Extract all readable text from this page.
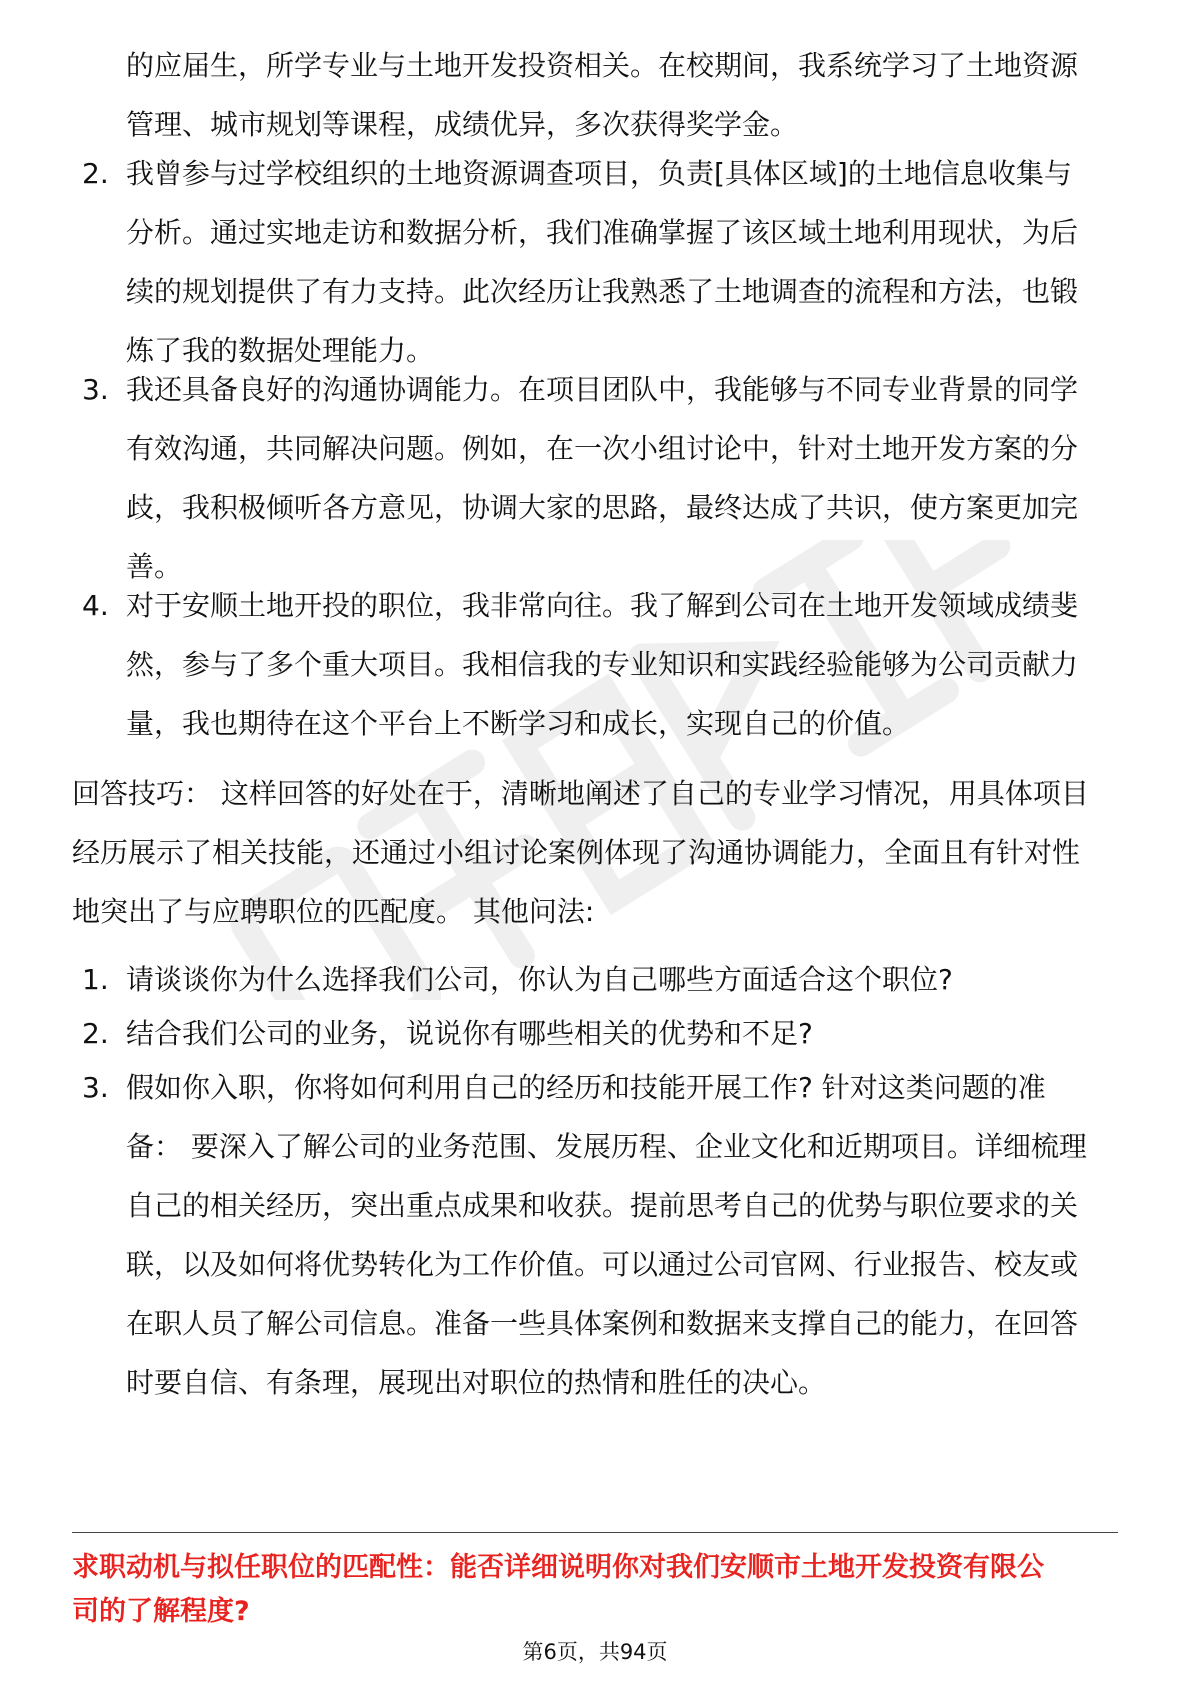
的应届生，所学专业与土地开发投资相关。在校期间，我系统学习了土地资源
管理、城市规划等课程，成绩优异，多次获得奖学金。
2. 我曾参与过学校组织的土地资源调查项目，负责[具体区域]的土地信息收集与
分析。通过实地走访和数据分析，我们准确掌握了该区域土地利用现状，为后
续的规划提供了有力支持。此次经历让我熟悉了土地调查的流程和方法，也锻
炼了我的数据处理能力。
3. 我还具备良好的沟通协调能力。在项目团队中，我能够与不同专业背景的同学
有效沟通，共同解决问题。例如，在一次小组讨论中，针对土地开发方案的分
歧，我积极倾听各方意见，协调大家的思路，最终达成了共识，使方案更加完
善。
4. 对于安顺土地开投的职位，我非常向往。我了解到公司在土地开发领域成绩斐
然，参与了多个重大项目。我相信我的专业知识和实践经验能够为公司贡献力
量，我也期待在这个平台上不断学习和成长，实现自己的价值。
回答技巧： 这样回答的好处在于，清晰地阐述了自己的专业学习情况，用具体项目
经历展示了相关技能，还通过小组讨论案例体现了沟通协调能力，全面且有针对性
地突出了与应聘职位的匹配度。 其他问法:
1. 请谈谈你为什么选择我们公司，你认为自己哪些方面适合这个职位?
2. 结合我们公司的业务，说说你有哪些相关的优势和不足?
3. 假如你入职，你将如何利用自己的经历和技能开展工作? 针对这类问题的准
备： 要深入了解公司的业务范围、发展历程、企业文化和近期项目。详细梳理
自己的相关经历，突出重点成果和收获。提前思考自己的优势与职位要求的关
联，以及如何将优势转化为工作价值。可以通过公司官网、行业报告、校友或
在职人员了解公司信息。准备一些具体案例和数据来支撑自己的能力，在回答
时要自信、有条理，展现出对职位的热情和胜任的决心。
求职动机与拟任职位的匹配性：能否详细说明你对我们安顺市土地开发投资有限公
司的了解程度?
第6页，共94页
